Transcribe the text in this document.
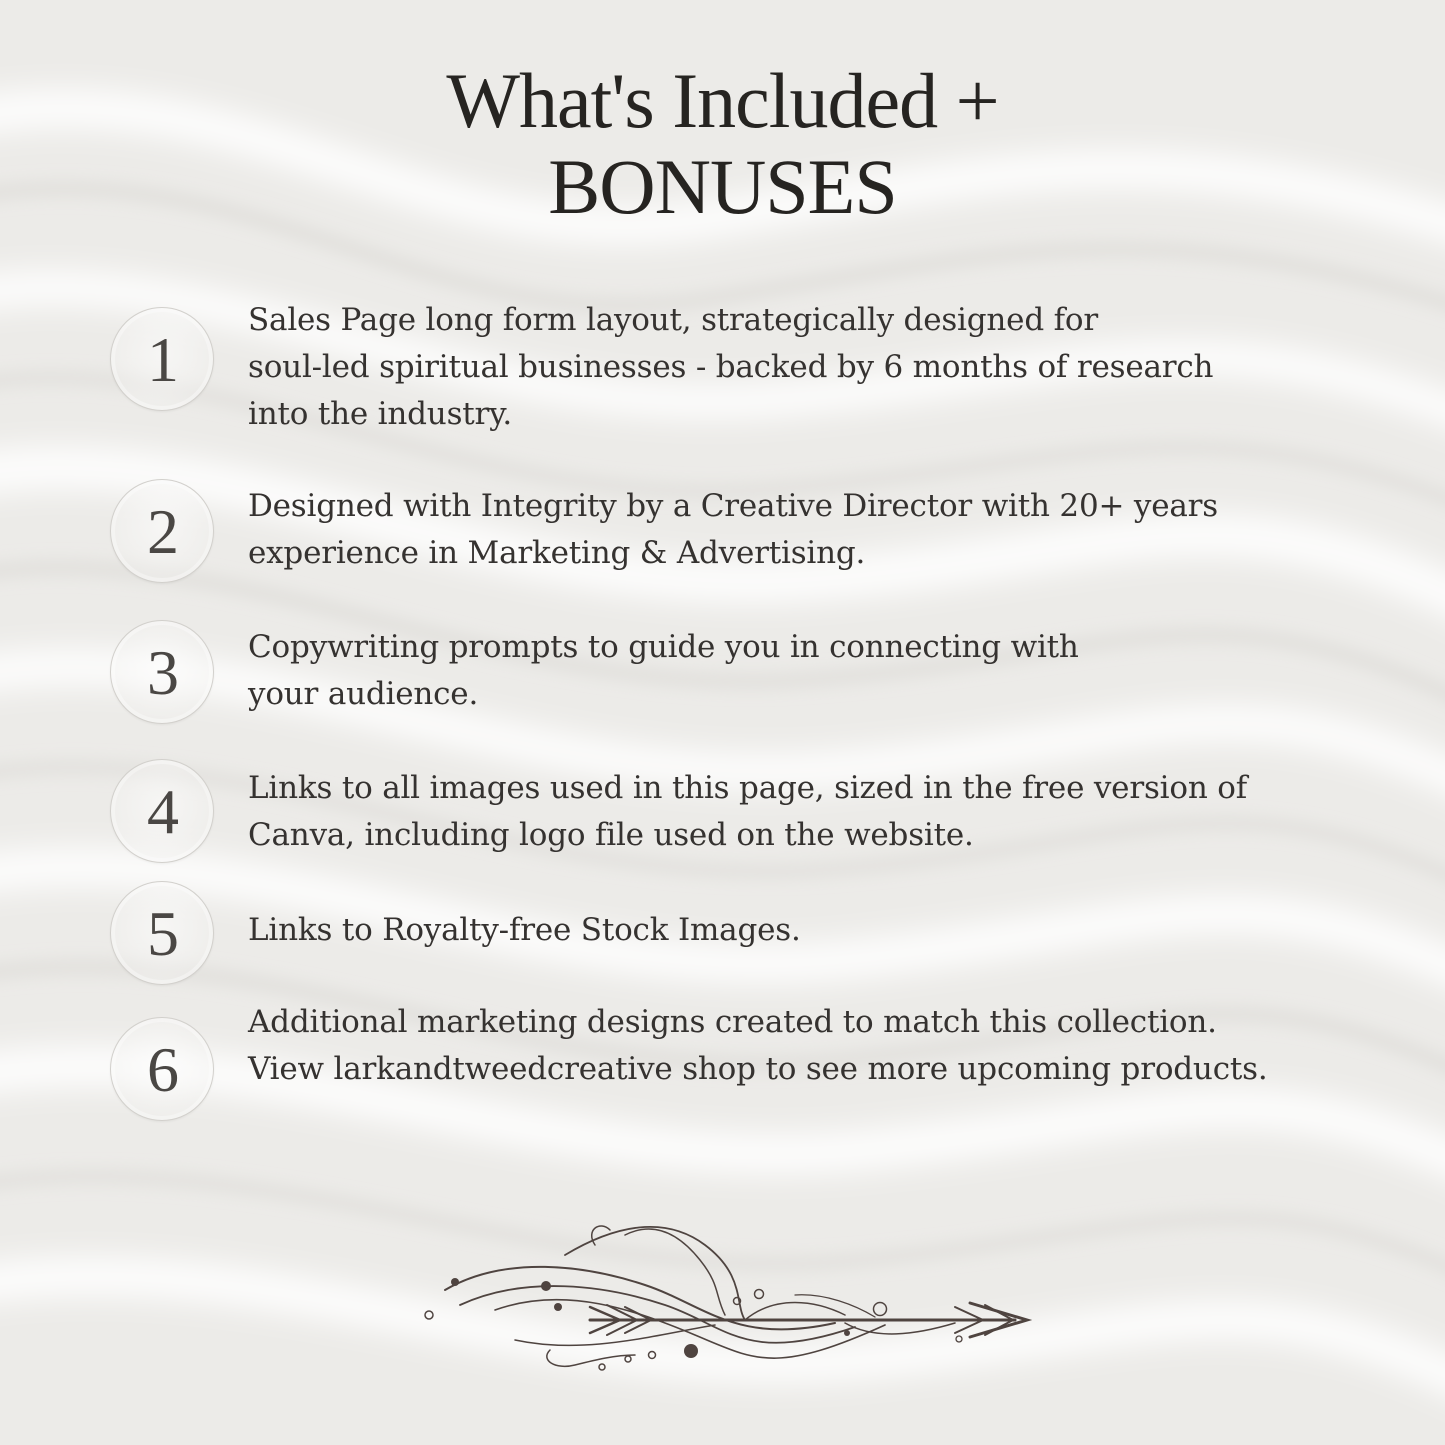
What's Included +
BONUSES
1
Sales Page long form layout, strategically designed for
soul-led spiritual businesses - backed by 6 months of research
into the industry.
2	Designed with Integrity by a Creative Director with 20+ years
experience in Marketing & Advertising.
3	Copywriting prompts to guide you in connecting with
your audience.
4	Links to all images used in this page, sized in the free version of
Canva, including logo file used on the website.
5	Links to Royalty-free Stock Images.
6
Additional marketing designs created to match this collection.
View larkandtweedcreative shop to see more upcoming products.
